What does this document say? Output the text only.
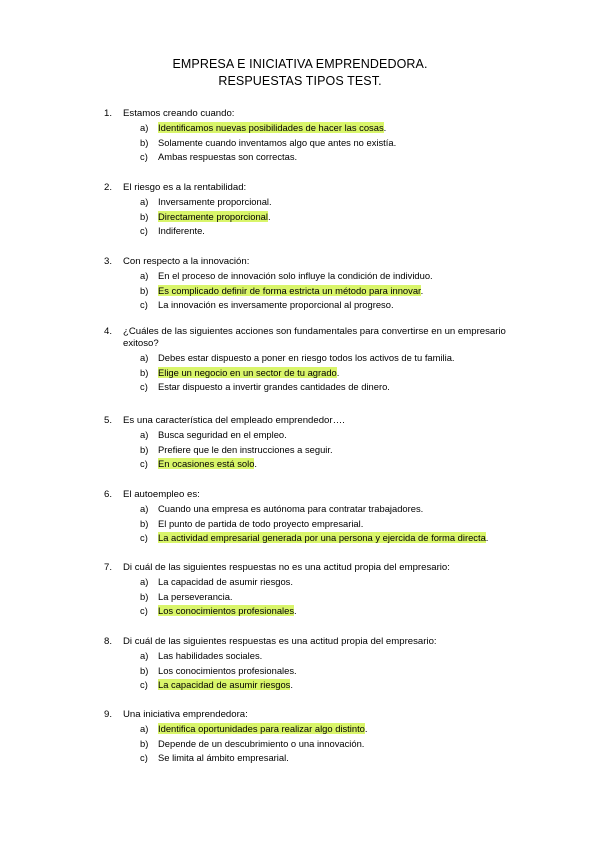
EMPRESA E INICIATIVA EMPRENDEDORA.
RESPUESTAS TIPOS TEST.
1.	Estamos creando cuando:
a)	Identificamos nuevas posibilidades de hacer las cosas.
b)	Solamente cuando inventamos algo que antes no existía.
c)	Ambas respuestas son correctas.
2.	El riesgo es a la rentabilidad:
a)	Inversamente proporcional.
b)	Directamente proporcional.
c)	Indiferente.
3.	Con respecto a la innovación:
a)	En el proceso de innovación solo influye la condición de individuo.
b)	Es complicado definir de forma estricta un método para innovar.
c)	La innovación es inversamente proporcional al progreso.
4.	¿Cuáles de las siguientes acciones son fundamentales para convertirse en un empresario exitoso?
a)	Debes estar dispuesto a poner en riesgo todos los activos de tu familia.
b)	Elige un negocio en un sector de tu agrado.
c)	Estar dispuesto a invertir grandes cantidades de dinero.
5.	Es una característica del empleado emprendedor….
a)	Busca seguridad en el empleo.
b)	Prefiere que le den instrucciones a seguir.
c)	En ocasiones está solo.
6.	El autoempleo es:
a)	Cuando una empresa es autónoma para contratar trabajadores.
b)	El punto de partida de todo proyecto empresarial.
c)	La actividad empresarial generada por una persona y ejercida de forma directa.
7.	Di cuál de las siguientes respuestas no es una actitud propia del empresario:
a)	La capacidad de asumir riesgos.
b)	La perseverancia.
c)	Los conocimientos profesionales.
8.	Di cuál de las siguientes respuestas es una actitud propia del empresario:
a)	Las habilidades sociales.
b)	Los conocimientos profesionales.
c)	La capacidad de asumir riesgos.
9.	Una iniciativa emprendedora:
a)	Identifica oportunidades para realizar algo distinto.
b)	Depende de un descubrimiento o una innovación.
c)	Se limita al ámbito empresarial.
